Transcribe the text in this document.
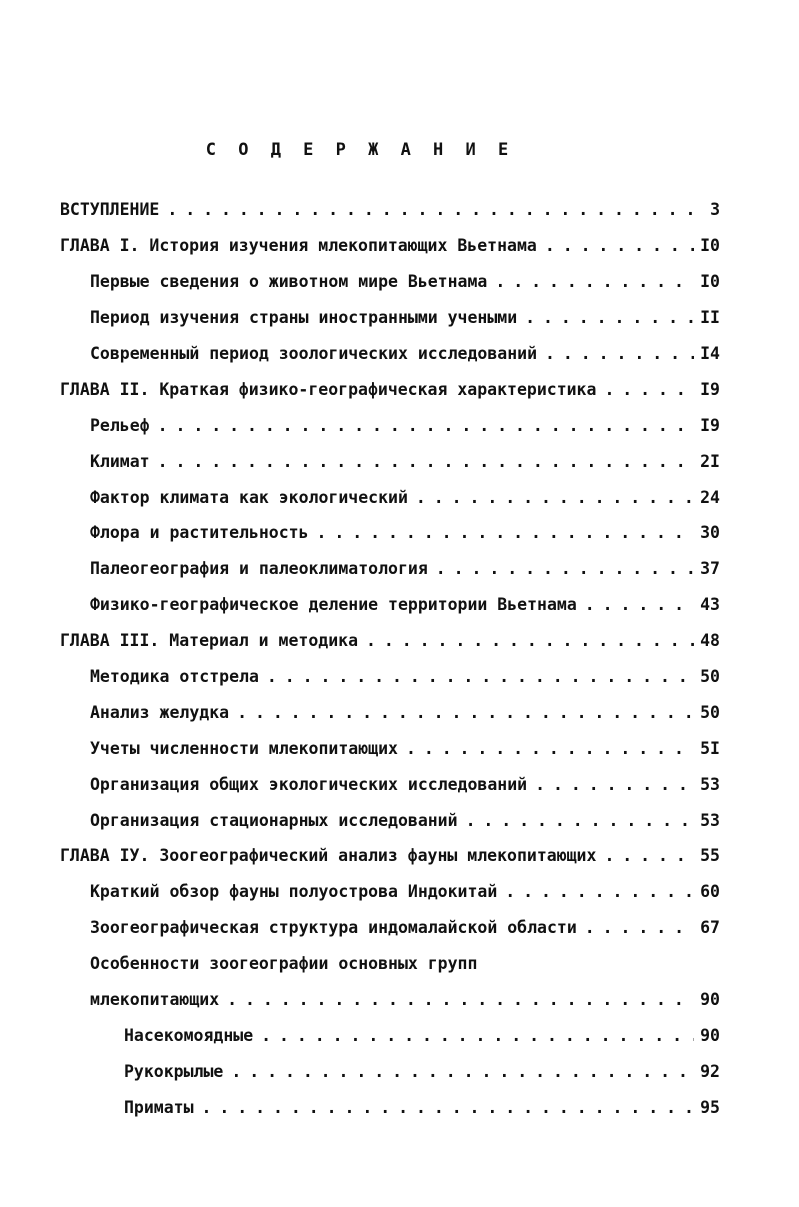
С О Д Е Р Ж А Н И Е
ВСТУПЛЕНИЕ . . .	3
ГЛАВА I. История изучения млекопитающих Вьетнама . . .	I0
Первые сведения о животном мире Вьетнама . . .	I0
Период изучения страны иностранными учеными . . .	II
Современный период зоологических исследований . . .	I4
ГЛАВА II. Краткая физико-географическая характеристика . . .	I9
Рельеф . . .	I9
Климат . . .	2I
Фактор климата как экологический . . .	24
Флора и растительность . . .	30
Палеогеография и палеоклиматология . . .	37
Физико-географическое деление территории Вьетнама . . .	43
ГЛАВА III. Материал и методика . . .	48
Методика отстрела . . .	50
Анализ желудка . . .	50
Учеты численности млекопитающих . . .	5I
Организация общих экологических исследований . . .	53
Организация стационарных исследований . . .	53
ГЛАВА IУ. Зоогеографический анализ фауны млекопитающих . . .	55
Краткий обзор фауны полуострова Индокитай . . .	60
Зоогеографическая структура индомалайской области . . .	67
Особенности зоогеографии основных групп
млекопитающих . . .	90
Насекомоядные . . .	90
Рукокрылые . . .	92
Приматы . . .	95
